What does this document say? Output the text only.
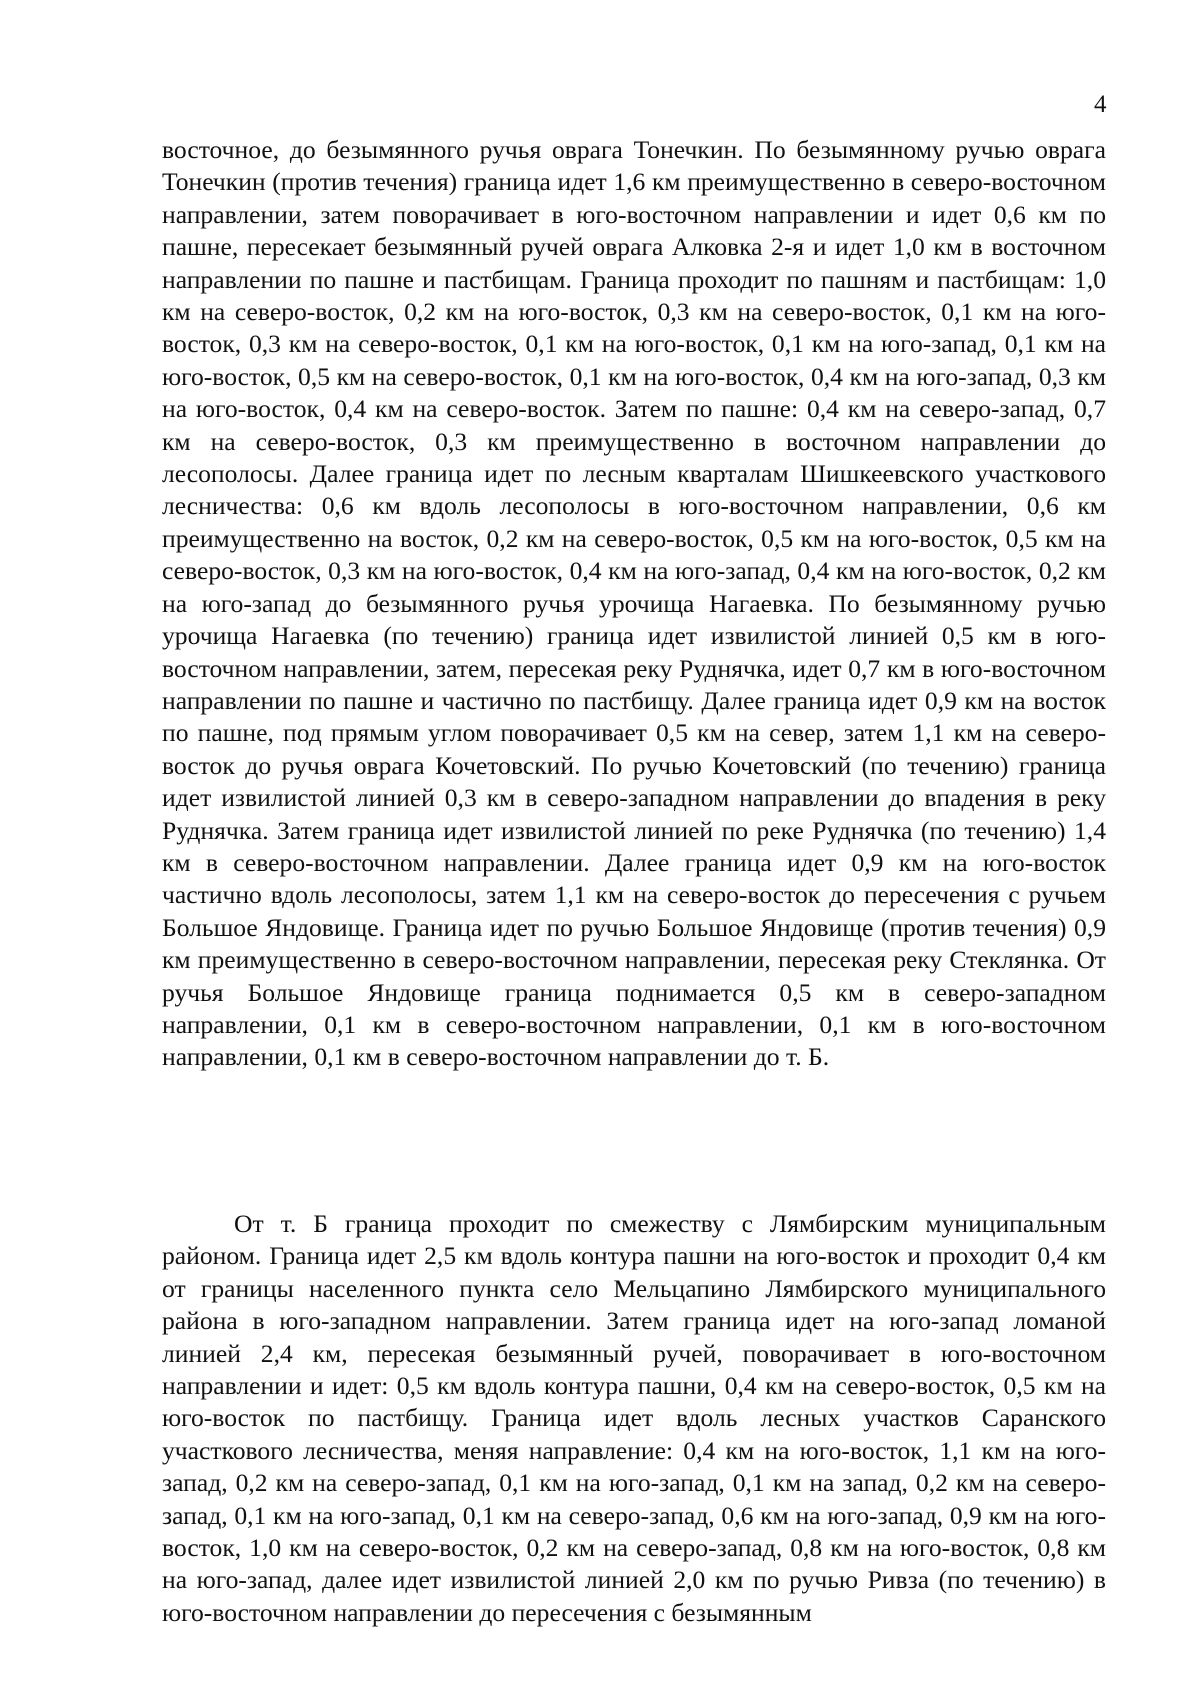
4

восточное, до безымянного ручья оврага Тонечкин. По безымянному ручью оврага Тонечкин (против течения) граница идет 1,6 км преимущественно в северо-восточном направлении, затем поворачивает в юго-восточном направлении и идет 0,6 км по пашне, пересекает безымянный ручей оврага Алковка 2-я и идет 1,0 км в восточном направлении по пашне и пастбищам. Граница проходит по пашням и пастбищам: 1,0 км на северо-восток, 0,2 км на юго-восток, 0,3 км на северо-восток, 0,1 км на юго-восток, 0,3 км на северо-восток, 0,1 км на юго-восток, 0,1 км на юго-запад, 0,1 км на юго-восток, 0,5 км на северо-восток, 0,1 км на юго-восток, 0,4 км на юго-запад, 0,3 км на юго-восток, 0,4 км на северо-восток. Затем по пашне: 0,4 км на северо-запад, 0,7 км на северо-восток, 0,3 км преимущественно в восточном направлении до лесополосы. Далее граница идет по лесным кварталам Шишкеевского участкового лесничества: 0,6 км вдоль лесополосы в юго-восточном направлении, 0,6 км преимущественно на восток, 0,2 км на северо-восток, 0,5 км на юго-восток, 0,5 км на северо-восток, 0,3 км на юго-восток, 0,4 км на юго-запад, 0,4 км на юго-восток, 0,2 км на юго-запад до безымянного ручья урочища Нагаевка. По безымянному ручью урочища Нагаевка (по течению) граница идет извилистой линией 0,5 км в юго-восточном направлении, затем, пересекая реку Руднячка, идет 0,7 км в юго-восточном направлении по пашне и частично по пастбищу. Далее граница идет 0,9 км на восток по пашне, под прямым углом поворачивает 0,5 км на север, затем 1,1 км на северо-восток до ручья оврага Кочетовский. По ручью Кочетовский (по течению) граница идет извилистой линией 0,3 км в северо-западном направлении до впадения в реку Руднячка. Затем граница идет извилистой линией по реке Руднячка (по течению) 1,4 км в северо-восточном направлении. Далее граница идет 0,9 км на юго-восток частично вдоль лесополосы, затем 1,1 км на северо-восток до пересечения с ручьем Большое Яндовище. Граница идет по ручью Большое Яндовище (против течения) 0,9 км преимущественно в северо-восточном направлении, пересекая реку Стеклянка. От ручья Большое Яндовище граница поднимается 0,5 км в северо-западном направлении, 0,1 км в северо-восточном направлении, 0,1 км в юго-восточном направлении, 0,1 км в северо-восточном направлении до т. Б.

От т. Б граница проходит по смежеству с Лямбирским муниципальным районом. Граница идет 2,5 км вдоль контура пашни на юго-восток и проходит 0,4 км от границы населенного пункта село Мельцапино Лямбирского муниципального района в юго-западном направлении. Затем граница идет на юго-запад ломаной линией 2,4 км, пересекая безымянный ручей, поворачивает в юго-восточном направлении и идет: 0,5 км вдоль контура пашни, 0,4 км на северо-восток, 0,5 км на юго-восток по пастбищу. Граница идет вдоль лесных участков Саранского участкового лесничества, меняя направление: 0,4 км на юго-восток, 1,1 км на юго-запад, 0,2 км на северо-запад, 0,1 км на юго-запад, 0,1 км на запад, 0,2 км на северо-запад, 0,1 км на юго-запад, 0,1 км на северо-запад, 0,6 км на юго-запад, 0,9 км на юго-восток, 1,0 км на северо-восток, 0,2 км на северо-запад, 0,8 км на юго-восток, 0,8 км на юго-запад, далее идет извилистой линией 2,0 км по ручью Ривза (по течению) в юго-восточном направлении до пересечения с безымянным
